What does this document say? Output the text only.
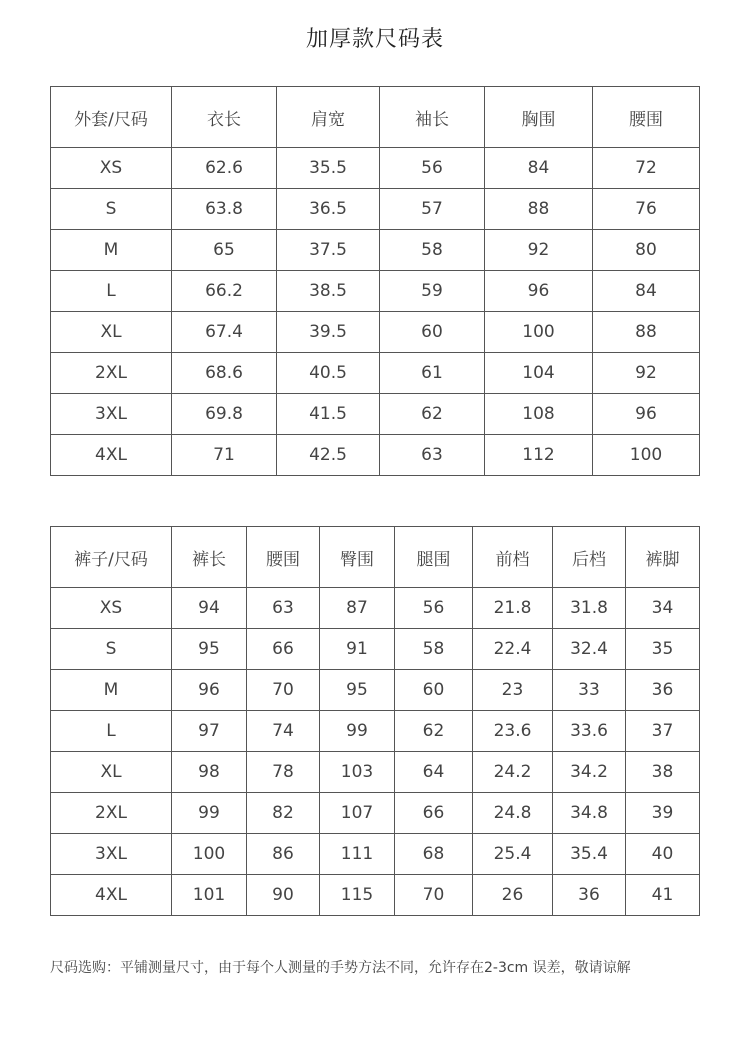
加厚款尺码表
外套/尺码	衣长	肩宽	袖长	胸围	腰围
XS	62.6	35.5	56	84	72
S	63.8	36.5	57	88	76
M	65	37.5	58	92	80
L	66.2	38.5	59	96	84
XL	67.4	39.5	60	100	88
2XL	68.6	40.5	61	104	92
3XL	69.8	41.5	62	108	96
4XL	71	42.5	63	112	100
裤子/尺码	裤长	腰围	臀围	腿围	前档	后档	裤脚
XS	94	63	87	56	21.8	31.8	34
S	95	66	91	58	22.4	32.4	35
M	96	70	95	60	23	33	36
L	97	74	99	62	23.6	33.6	37
XL	98	78	103	64	24.2	34.2	38
2XL	99	82	107	66	24.8	34.8	39
3XL	100	86	111	68	25.4	35.4	40
4XL	101	90	115	70	26	36	41
尺码选购：平铺测量尺寸，由于每个人测量的手势方法不同，允许存在2-3cm 误差，敬请谅解
